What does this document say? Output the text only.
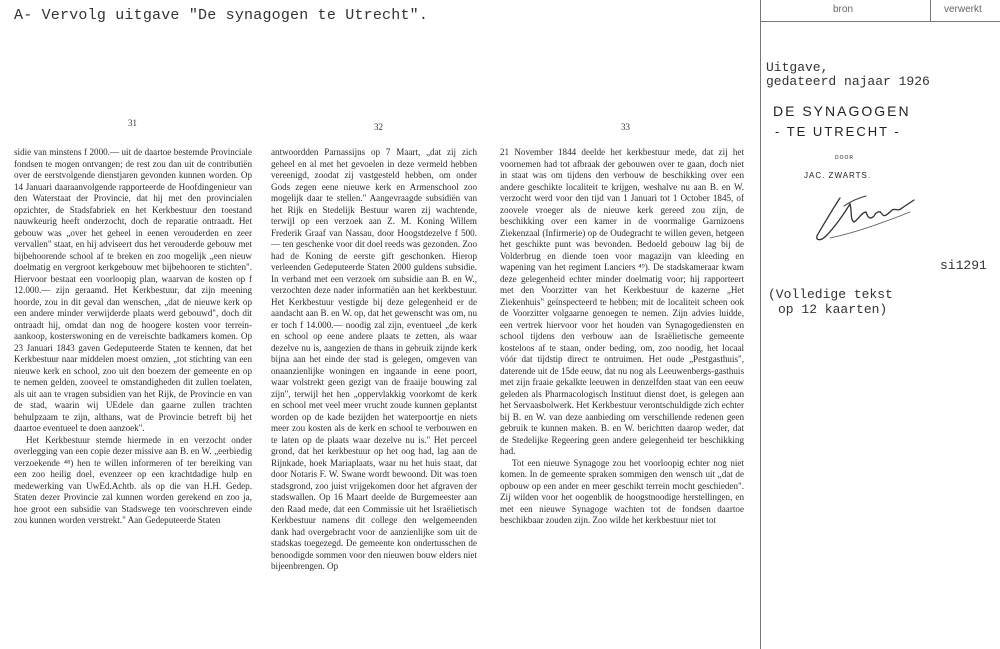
A- Vervolg uitgave "De synagogen te Utrecht".
31	32	33

sidie van minstens f 2000.— uit de daartoe bestemde Provinciale fondsen te mogen ontvangen; de rest zou dan uit de contributiën over de eerstvolgende dienstjaren gevonden kunnen worden. Op 14 Januari daaraanvolgende rapporteerde de Hoofdingenieur van den Waterstaat der Provincie, dat hij met den provincialen opzichter, de Stadsfabriek en het Kerkbestuur den toestand nauwkeurig heeft onderzocht, doch de reparatie ontraadt. Het gebouw was „over het geheel in eenen verouderden en zeer vervallen" staat, en hij adviseert dus het verouderde gebouw met bijbehoorende school af te breken en zoo mogelijk „een nieuw doelmatig en vergroot kerkgebouw met bijbehooren te stichten". Hiervoor bestaat een voorloopig plan, waarvan de kosten op f 12.000.— zijn geraamd. Het Kerkbestuur, dat zijn meening hoorde, zou in dit geval dan wenschen, „dat de nieuwe kerk op een andere minder verwijderde plaats werd gebouwd", doch dit ontraadt hij, omdat dan nog de hoogere kosten voor terrein-aankoop, kosterswoning en de vereischte badkamers komen. Op 23 Januari 1843 gaven Gedeputeerde Staten te kennen, dat het Kerkbestuur naar middelen moest omzien, „tot stichting van een nieuwe kerk en school, zoo uit den boezem der gemeente en op te nemen gelden, zooveel te omstandigheden dit zullen toelaten, als uit aan te vragen subsidien van het Rijk, de Provincie en van de stad, waarin wij UEdele dan gaarne zullen trachten behulpzaam te zijn, althans, wat de Provincie betreft bij het daartoe eventueel te doen aanzoek".

Het Kerkbestuur stemde hiermede in en verzocht onder overlegging van een copie dezer missive aan B. en W. „eerbiedig verzoekende ⁴⁸) hen te willen informeren of ter bereiking van een zoo heilig doel, evenzeer op een krachtdadige hulp en medewerking van UwEd.Achtb. als op die van H.H. Gedep. Staten dezer Provincie zal kunnen worden gerekend en zoo ja, hoe groot een subsidie van Stadswege ten voorschreven einde zou kunnen worden verstrekt." Aan Gedeputeerde Staten

antwoordden Parnassijns op 7 Maart, „dat zij zich geheel en al met het gevoelen in deze vermeld hebben vereenigd, zoodat zij vastgesteld hebben, om onder Gods zegen eene nieuwe kerk en Armenschool zoo mogelijk daar te stellen." Aangevraagde subsidiën van het Rijk en Stedelijk Bestuur waren zij wachtende, terwijl op een verzoek aan Z. M. Koning Willem Frederik Graaf van Nassau, door Hoogstdezelve f 500.— ten geschenke voor dit doel reeds was gezonden. Zoo had de Koning de eerste gift geschonken. Hierop verleenden Gedeputeerde Staten 2000 guldens subsidie. In verband met een verzoek om subsidie aan B. en W., verzochten deze nader informatiën aan het kerkbestuur. Het Kerkbestuur vestigde bij deze gelegenheid er de aandacht aan B. en W. op, dat het gewenscht was om, nu er toch f 14.000.— noodig zal zijn, eventueel „de kerk en school op eene andere plaats te zetten, als waar dezelve nu is, aangezien de thans in gebruik zijnde kerk bijna aan het einde der stad is gelegen, omgeven van onaanzienlijke woningen en ingaande in eene poort, waar volstrekt geen gezigt van de fraaije bouwing zal zijn", terwijl het hen „oppervlakkig voorkomt de kerk en school met veel meer vrucht zoude kunnen geplantst worden op de kade bezijden het waterpoortje en niets meer zou kosten als de kerk en school te verbouwen en te laten op de plaats waar dezelve nu is." Het perceel grond, dat het kerkbestuur op het oog had, lag aan de Rijnkade, hoek Mariaplaats, waar nu het huis staat, dat door Notaris F. W. Swane wordt bewoond. Dit was toen stadsgrond, zoo juist vrijgekomen door het afgraven der stadswallen. Op 16 Maart deelde de Burgemeester aan den Raad mede, dat een Commissie uit het Israëlietisch Kerkbestuur namens dit college den welgemeenden dank had overgebracht voor de aanzienlijke som uit de stadskas toegezegd. De gemeente kon ondertusschen de benoodigde sommen voor den nieuwen bouw elders niet bijeenbrengen. Op

21 November 1844 deelde het kerkbestuur mede, dat zij het voornemen had tot afbraak der gebouwen over te gaan, doch niet in staat was om tijdens den verbouw de beschikking over een andere geschikte localiteit te krijgen, weshalve nu aan B. en W. verzocht werd voor den tijd van 1 Januari tot 1 October 1845, of zoovele vroeger als de nieuwe kerk gereed zou zijn, de beschikking over een kamer in de voormalige Garnizoens Ziekenzaal (Infirmerie) op de Oudegracht te willen geven, hetgeen het geschikte punt was bevonden. Bedoeld gebouw lag bij de Volderbrug en diende toen voor magazijn van kleeding en wapening van het regiment Lanciers ⁴⁹). De stadskameraar kwam deze gelegenheid echter minder doelmatig voor; hij rapporteert met den Voorzitter van het Kerkbestuur de kazerne „Het Ziekenhuis" geïnspecteerd te hebben; mit de localiteit scheen ook de Voorzitter volgaarne genoegen te nemen. Zijn advies luidde, een vertrek hiervoor voor het houden van Synagogediensten en school tijdens den verbouw aan de Israëlietische gemeente kosteloos af te staan, onder beding, om, zoo noodig, het locaal vóór dat tijdstip direct te ontruimen. Het oude „Pestgasthuis", daterende uit de 15de eeuw, dat nu nog als Leeuwenbergs-gasthuis met zijn fraaie gekalkte leeuwen in denzelfden staat van een eeuw geleden als Pharmacologisch Instituut dienst doet, is gelegen aan het Servaasbolwerk. Het Kerkbestuur verontschuldigde zich echter bij B. en W. van deze aanbieding om verschillende redenen geen gebruik te kunnen maken. B. en W. berichtten daarop weder, dat de Stedelijke Regeering geen andere gelegenheid ter beschikking had.

Tot een nieuwe Synagoge zou het voorloopig echter nog niet komen. In de gemeente spraken sommigen den wensch uit „dat de opbouw op een ander en meer geschikt terrein mocht geschieden". Zij wilden voor het oogenblik de hoogstnoodige herstellingen, en met een nieuwe Synagoge wachten tot de fondsen daartoe beschikbaar zouden zijn. Zoo wilde het kerkbestuur niet tot

bron	verwerkt
Uitgave,
gedateerd najaar 1926
DE SYNAGOGEN
- TE UTRECHT -
DOOR
JAC. ZWARTS.
si1291
(Volledige tekst
op 12 kaarten)
